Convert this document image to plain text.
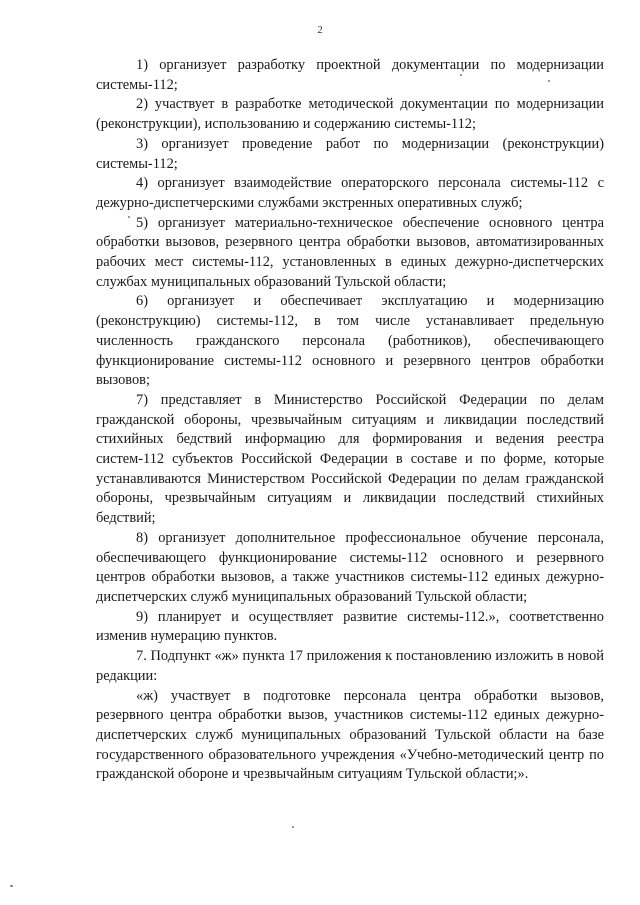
2

1) организует разработку проектной документации по модернизации системы-112;

2) участвует в разработке методической документации по модернизации (реконструкции), использованию и содержанию системы-112;

3) организует проведение работ по модернизации (реконструкции) системы-112;

4) организует взаимодействие операторского персонала системы-112 с дежурно-диспетчерскими службами экстренных оперативных служб;

5) организует материально-техническое обеспечение основного центра обработки вызовов, резервного центра обработки вызовов, автоматизированных рабочих мест системы-112, установленных в единых дежурно-диспетчерских службах муниципальных образований Тульской области;

6) организует и обеспечивает эксплуатацию и модернизацию (реконструкцию) системы-112, в том числе устанавливает предельную численность гражданского персонала (работников), обеспечивающего функционирование системы-112 основного и резервного центров обработки вызовов;

7) представляет в Министерство Российской Федерации по делам гражданской обороны, чрезвычайным ситуациям и ликвидации последствий стихийных бедствий информацию для формирования и ведения реестра систем-112 субъектов Российской Федерации в составе и по форме, которые устанавливаются Министерством Российской Федерации по делам гражданской обороны, чрезвычайным ситуациям и ликвидации последствий стихийных бедствий;

8) организует дополнительное профессиональное обучение персонала, обеспечивающего функционирование системы-112 основного и резервного центров обработки вызовов, а также участников системы-112 единых дежурно-диспетчерских служб муниципальных образований Тульской области;

9) планирует и осуществляет развитие системы-112.», соответственно изменив нумерацию пунктов.

7. Подпункт «ж» пункта 17 приложения к постановлению изложить в новой редакции:

«ж) участвует в подготовке персонала центра обработки вызовов, резервного центра обработки вызов, участников системы-112 единых дежурно-диспетчерских служб муниципальных образований Тульской области на базе государственного образовательного учреждения «Учебно-методический центр по гражданской обороне и чрезвычайным ситуациям Тульской области;».
